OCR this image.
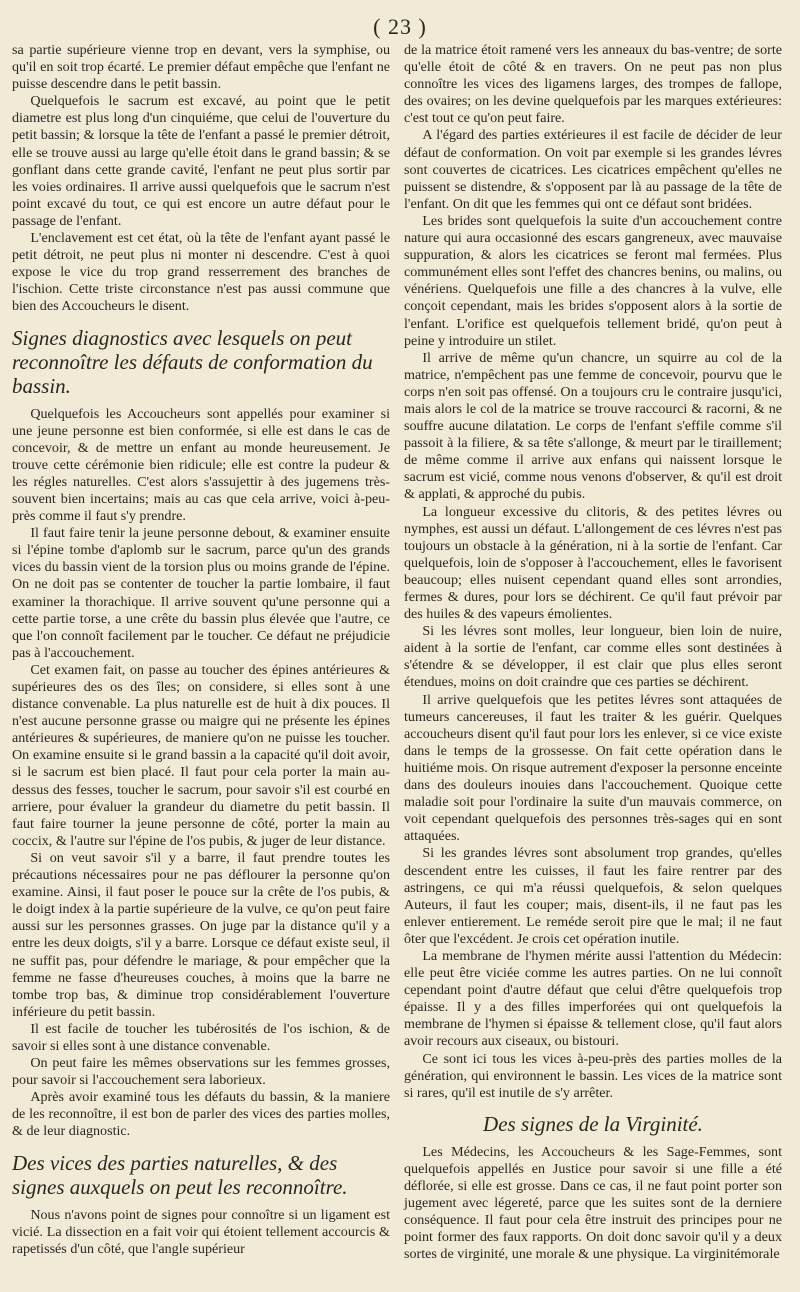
( 23 )

sa partie supérieure vienne trop en devant, vers la symphise, ou qu'il en soit trop écarté. Le premier défaut empêche que l'enfant ne puisse descendre dans le petit bassin.

Quelquefois le sacrum est excavé, au point que le petit diametre est plus long d'un cinquiéme, que celui de l'ouverture du petit bassin; & lorsque la tête de l'enfant a passé le premier détroit, elle se trouve aussi au large qu'elle étoit dans le grand bassin; & se gonflant dans cette grande cavité, l'enfant ne peut plus sortir par les voies ordinaires. Il arrive aussi quelquefois que le sacrum n'est point excavé du tout, ce qui est encore un autre défaut pour le passage de l'enfant.

L'enclavement est cet état, où la tête de l'enfant ayant passé le petit détroit, ne peut plus ni monter ni descendre. C'est à quoi expose le vice du trop grand resserrement des branches de l'ischion. Cette triste circonstance n'est pas aussi commune que bien des Accoucheurs le disent.

Signes diagnostics avec lesquels on peut reconnoître les défauts de conformation du bassin.

Quelquefois les Accoucheurs sont appellés pour examiner si une jeune personne est bien conformée, si elle est dans le cas de concevoir, & de mettre un enfant au monde heureusement. Je trouve cette cérémonie bien ridicule; elle est contre la pudeur & les régles naturelles. C'est alors s'assujettir à des jugemens très-souvent bien incertains; mais au cas que cela arrive, voici à-peu-près comme il faut s'y prendre.

Il faut faire tenir la jeune personne debout, & examiner ensuite si l'épine tombe d'aplomb sur le sacrum, parce qu'un des grands vices du bassin vient de la torsion plus ou moins grande de l'épine. On ne doit pas se contenter de toucher la partie lombaire, il faut examiner la thorachique. Il arrive souvent qu'une personne qui a cette partie torse, a une crête du bassin plus élevée que l'autre, ce que l'on connoît facilement par le toucher. Ce défaut ne préjudicie pas à l'accouchement.

Cet examen fait, on passe au toucher des épines antérieures & supérieures des os des îles; on considere, si elles sont à une distance convenable. La plus naturelle est de huit à dix pouces. Il n'est aucune personne grasse ou maigre qui ne présente les épines antérieures & supérieures, de maniere qu'on ne puisse les toucher. On examine ensuite si le grand bassin a la capacité qu'il doit avoir, si le sacrum est bien placé. Il faut pour cela porter la main au-dessus des fesses, toucher le sacrum, pour savoir s'il est courbé en arriere, pour évaluer la grandeur du diametre du petit bassin. Il faut faire tourner la jeune personne de côté, porter la main au coccix, & l'autre sur l'épine de l'os pubis, & juger de leur distance.

Si on veut savoir s'il y a barre, il faut prendre toutes les précautions nécessaires pour ne pas déflourer la personne qu'on examine. Ainsi, il faut poser le pouce sur la crête de l'os pubis, & le doigt index à la partie supérieure de la vulve, ce qu'on peut faire aussi sur les personnes grasses. On juge par la distance qu'il y a entre les deux doigts, s'il y a barre. Lorsque ce défaut existe seul, il ne suffit pas, pour défendre le mariage, & pour empêcher que la femme ne fasse d'heureuses couches, à moins que la barre ne tombe trop bas, & diminue trop considérablement l'ouverture inférieure du petit bassin.

Il est facile de toucher les tubérosités de l'os ischion, & de savoir si elles sont à une distance convenable.

On peut faire les mêmes observations sur les femmes grosses, pour savoir si l'accouchement sera laborieux.

Après avoir examiné tous les défauts du bassin, & la maniere de les reconnoître, il est bon de parler des vices des parties molles, & de leur diagnostic.

Des vices des parties naturelles, & des signes auxquels on peut les reconnoître.

Nous n'avons point de signes pour connoître si un ligament est vicié. La dissection en a fait voir qui étoient tellement accourcis & rapetissés d'un côté, que l'angle supérieur

de la matrice étoit ramené vers les anneaux du bas-ventre; de sorte qu'elle étoit de côté & en travers. On ne peut pas non plus connoître les vices des ligamens larges, des trompes de fallope, des ovaires; on les devine quelquefois par les marques extérieures: c'est tout ce qu'on peut faire.

A l'égard des parties extérieures il est facile de décider de leur défaut de conformation. On voit par exemple si les grandes lévres sont couvertes de cicatrices. Les cicatrices empêchent qu'elles ne puissent se distendre, & s'opposent par là au passage de la tête de l'enfant. On dit que les femmes qui ont ce défaut sont bridées.

Les brides sont quelquefois la suite d'un accouchement contre nature qui aura occasionné des escars gangreneux, avec mauvaise suppuration, & alors les cicatrices se feront mal fermées. Plus communément elles sont l'effet des chancres benins, ou malins, ou vénériens. Quelquefois une fille a des chancres à la vulve, elle conçoit cependant, mais les brides s'opposent alors à la sortie de l'enfant. L'orifice est quelquefois tellement bridé, qu'on peut à peine y introduire un stilet.

Il arrive de même qu'un chancre, un squirre au col de la matrice, n'empêchent pas une femme de concevoir, pourvu que le corps n'en soit pas offensé. On a toujours cru le contraire jusqu'ici, mais alors le col de la matrice se trouve raccourci & racorni, & ne souffre aucune dilatation. Le corps de l'enfant s'effile comme s'il passoit à la filiere, & sa tête s'allonge, & meurt par le tiraillement; de même comme il arrive aux enfans qui naissent lorsque le sacrum est vicié, comme nous venons d'observer, & qu'il est droit & applati, & approché du pubis.

La longueur excessive du clitoris, & des petites lévres ou nymphes, est aussi un défaut. L'allongement de ces lévres n'est pas toujours un obstacle à la génération, ni à la sortie de l'enfant. Car quelquefois, loin de s'opposer à l'accouchement, elles le favorisent beaucoup; elles nuisent cependant quand elles sont arrondies, fermes & dures, pour lors se déchirent. Ce qu'il faut prévoir par des huiles & des vapeurs émolientes.

Si les lévres sont molles, leur longueur, bien loin de nuire, aident à la sortie de l'enfant, car comme elles sont destinées à s'étendre & se développer, il est clair que plus elles seront étendues, moins on doit craindre que ces parties se déchirent.

Il arrive quelquefois que les petites lévres sont attaquées de tumeurs cancereuses, il faut les traiter & les guérir. Quelques accoucheurs disent qu'il faut pour lors les enlever, si ce vice existe dans le temps de la grossesse. On fait cette opération dans le huitiéme mois. On risque autrement d'exposer la personne enceinte dans des douleurs inouies dans l'accouchement. Quoique cette maladie soit pour l'ordinaire la suite d'un mauvais commerce, on voit cependant quelquefois des personnes très-sages qui en sont attaquées.

Si les grandes lévres sont absolument trop grandes, qu'elles descendent entre les cuisses, il faut les faire rentrer par des astringens, ce qui m'a réussi quelquefois, & selon quelques Auteurs, il faut les couper; mais, disent-ils, il ne faut pas les enlever entierement. Le reméde seroit pire que le mal; il ne faut ôter que l'excédent. Je crois cet opération inutile.

La membrane de l'hymen mérite aussi l'attention du Médecin: elle peut être viciée comme les autres parties. On ne lui connoît cependant point d'autre défaut que celui d'être quelquefois trop épaisse. Il y a des filles imperforées qui ont quelquefois la membrane de l'hymen si épaisse & tellement close, qu'il faut alors avoir recours aux ciseaux, ou bistouri.

Ce sont ici tous les vices à-peu-près des parties molles de la génération, qui environnent le bassin. Les vices de la matrice sont si rares, qu'il est inutile de s'y arrêter.

Des signes de la Virginité.

Les Médecins, les Accoucheurs & les Sage-Femmes, sont quelquefois appellés en Justice pour savoir si une fille a été déflorée, si elle est grosse. Dans ce cas, il ne faut point porter son jugement avec légereté, parce que les suites sont de la derniere conséquence. Il faut pour cela être instruit des principes pour ne point former des faux rapports. On doit donc savoir qu'il y a deux sortes de virginité, une morale & une physique. La virginitémorale
